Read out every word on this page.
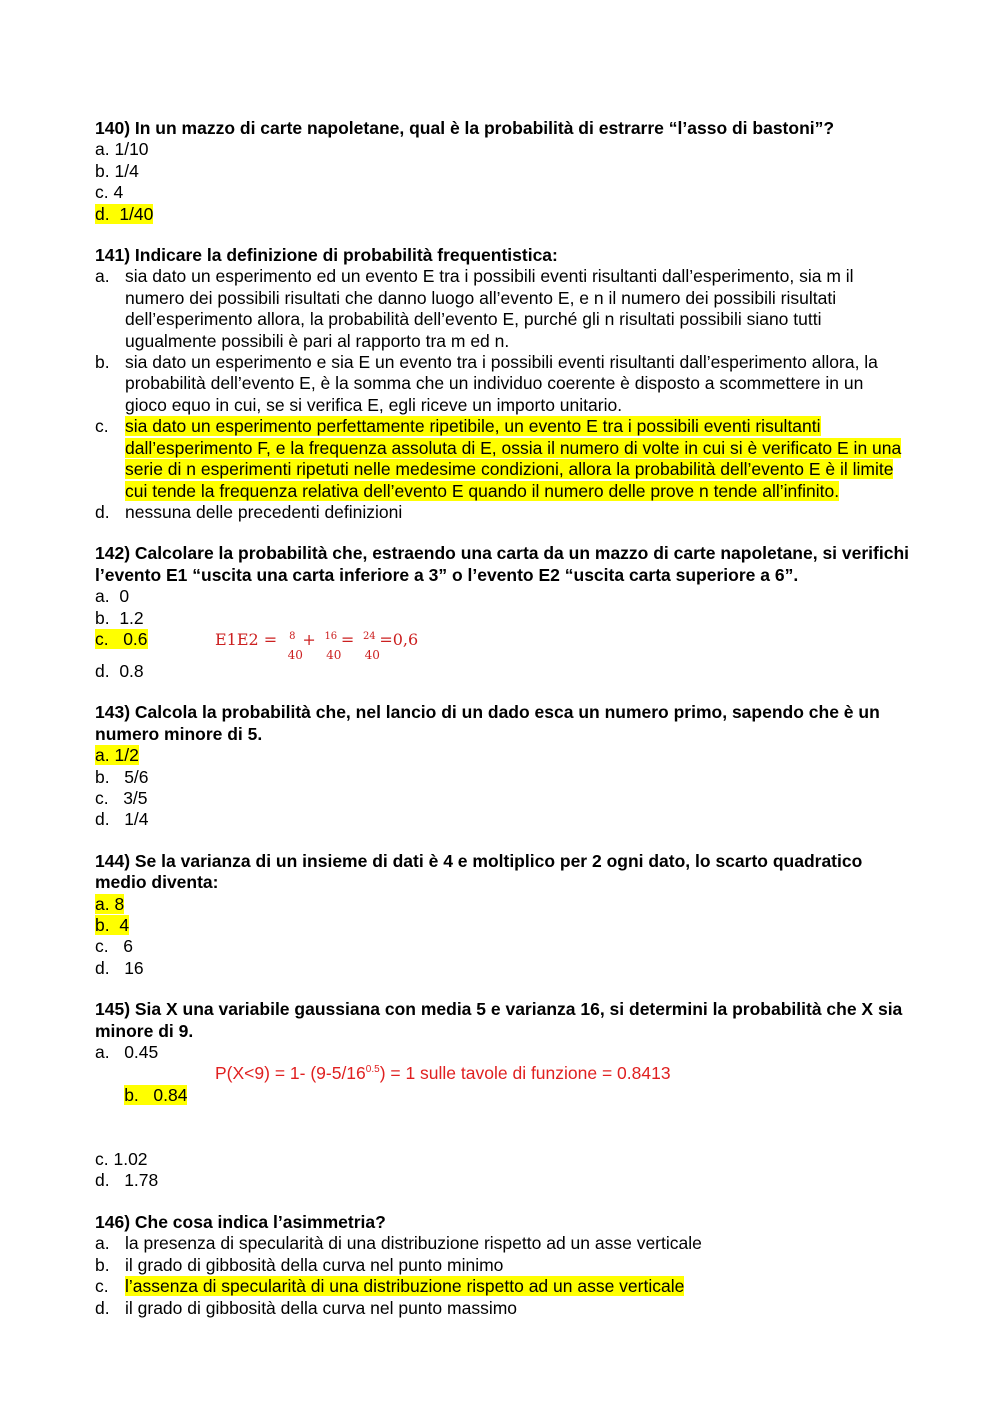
140) In un mazzo di carte napoletane, qual è la probabilità di estrarre “l’asso di bastoni”?
a. 1/10
b. 1/4
c. 4
d.  1/40
141) Indicare la definizione di probabilità frequentistica:
a. sia dato un esperimento ed un evento E tra i possibili eventi risultanti dall’esperimento, sia m il numero dei possibili risultati che danno luogo all’evento E, e n il numero dei possibili risultati dell’esperimento allora, la probabilità dell’evento E, purché gli n risultati possibili siano tutti ugualmente possibili è pari al rapporto tra m ed n.
b. sia dato un esperimento e sia E un evento tra i possibili eventi risultanti dall’esperimento allora, la probabilità dell’evento E, è la somma che un individuo coerente è disposto a scommettere in un gioco equo in cui, se si verifica E, egli riceve un importo unitario.
c. sia dato un esperimento perfettamente ripetibile, un evento E tra i possibili eventi risultanti dall’esperimento F, e la frequenza assoluta di E, ossia il numero di volte in cui si è verificato E in una serie di n esperimenti ripetuti nelle medesime condizioni, allora la probabilità dell’evento E è il limite cui tende la frequenza relativa dell’evento E quando il numero delle prove n tende all’infinito.
d. nessuna delle precedenti definizioni
142) Calcolare la probabilità che, estraendo una carta da un mazzo di carte napoletane, si verifichi l’evento E1 “uscita una carta inferiore a 3” o l’evento E2 “uscita carta superiore a 6”.
a.  0
b.  1.2
c.   0.6	E1E2 = $^8$
40
+ $^{16}$
40
= $^{24}$
40
=0,6
d.  0.8
143) Calcola la probabilità che, nel lancio di un dado esca un numero primo, sapendo che è un numero minore di 5.
a. 1/2
b.   5/6
c.   3/5
d.   1/4
144) Se la varianza di un insieme di dati è 4 e moltiplico per 2 ogni dato, lo scarto quadratico medio diventa:
a. 8
b.  4
c.   6
d.   16
145) Sia X una variabile gaussiana con media 5 e varianza 16, si determini la probabilità che X sia minore di 9.
a.   0.45

b.   0.84

P(X<9) = 1- $(9-5/16^{0.5}) = 1$ sulle tavole di funzione = 0.8413

c. 1.02
d.   1.78
146) Che cosa indica l’asimmetria?
a. la presenza di specularità di una distribuzione rispetto ad un asse verticale
b. il grado di gibbosità della curva nel punto minimo
c. l’assenza di specularità di una distribuzione rispetto ad un asse verticale
d. il grado di gibbosità della curva nel punto massimo
